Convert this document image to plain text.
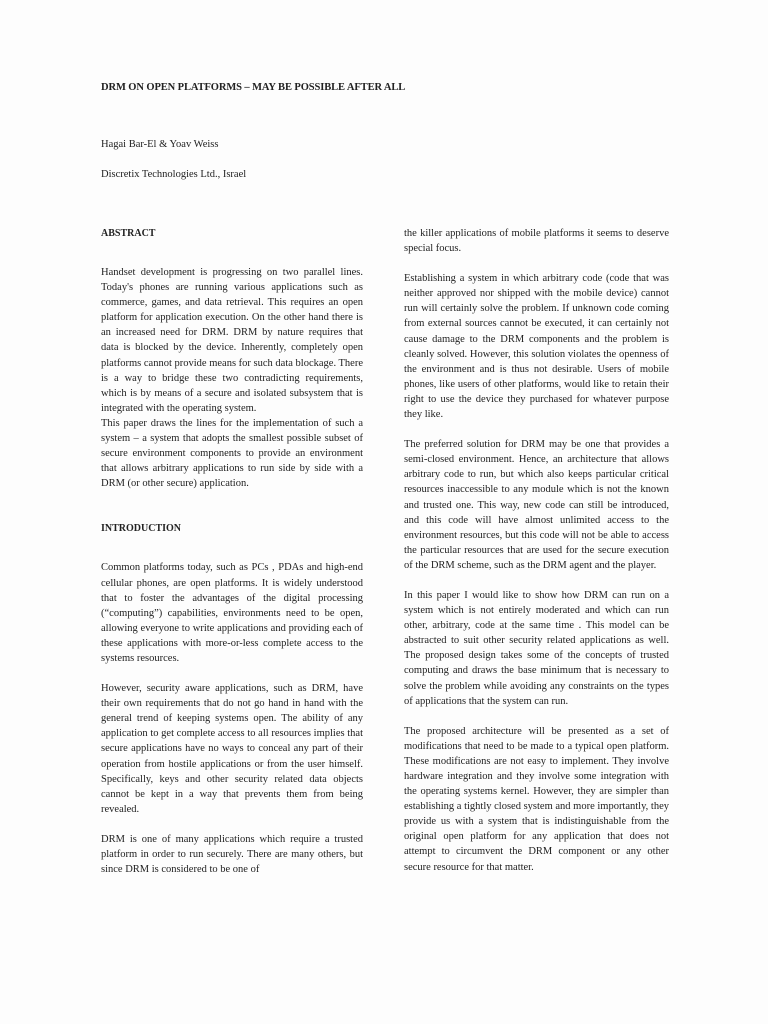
DRM ON OPEN PLATFORMS – MAY BE POSSIBLE AFTER ALL
Hagai Bar-El & Yoav Weiss
Discretix Technologies Ltd., Israel
ABSTRACT

Handset development is progressing on two parallel lines. Today's phones are running various applications such as commerce, games, and data retrieval. This requires an open platform for application execution. On the other hand there is an increased need for DRM. DRM by nature requires that data is blocked by the device. Inherently, completely open platforms cannot provide means for such data blockage. There is a way to bridge these two contradicting requirements, which is by means of a secure and isolated subsystem that is integrated with the operating system.

This paper draws the lines for the implementation of such a system – a system that adopts the smallest possible subset of secure environment components to provide an environment that allows arbitrary applications to run side by side with a DRM (or other secure) application.

INTRODUCTION

Common platforms today, such as PCs , PDAs and high-end cellular phones, are open platforms. It is widely understood that to foster the advantages of the digital processing (“computing”) capabilities, environments need to be open, allowing everyone to write applications and providing each of these applications with more-or-less complete access to the systems resources.

However, security aware applications, such as DRM, have their own requirements that do not go hand in hand with the general trend of keeping systems open. The ability of any application to get complete access to all resources implies that secure applications have no ways to conceal any part of their operation from hostile applications or from the user himself. Specifically, keys and other security related data objects cannot be kept in a way that prevents them from being revealed.

DRM is one of many applications which require a trusted platform in order to run securely. There are many others, but since DRM is considered to be one of

the killer applications of mobile platforms it seems to deserve special focus.

Establishing a system in which arbitrary code (code that was neither approved nor shipped with the mobile device) cannot run will certainly solve the problem. If unknown code coming from external sources cannot be executed, it can certainly not cause damage to the DRM components and the problem is cleanly solved. However, this solution violates the openness of the environment and is thus not desirable. Users of mobile phones, like users of other platforms, would like to retain their right to use the device they purchased for whatever purpose they like.

The preferred solution for DRM may be one that provides a semi-closed environment. Hence, an architecture that allows arbitrary code to run, but which also keeps particular critical resources inaccessible to any module which is not the known and trusted one. This way, new code can still be introduced, and this code will have almost unlimited access to the environment resources, but this code will not be able to access the particular resources that are used for the secure execution of the DRM scheme, such as the DRM agent and the player.

In this paper I would like to show how DRM can run on a system which is not entirely moderated and which can run other, arbitrary, code at the same time . This model can be abstracted to suit other security related applications as well. The proposed design takes some of the concepts of trusted computing and draws the base minimum that is necessary to solve the problem while avoiding any constraints on the types of applications that the system can run.

The proposed architecture will be presented as a set of modifications that need to be made to a typical open platform. These modifications are not easy to implement. They involve hardware integration and they involve some integration with the operating systems kernel. However, they are simpler than establishing a tightly closed system and more importantly, they provide us with a system that is indistinguishable from the original open platform for any application that does not attempt to circumvent the DRM component or any other secure resource for that matter.
